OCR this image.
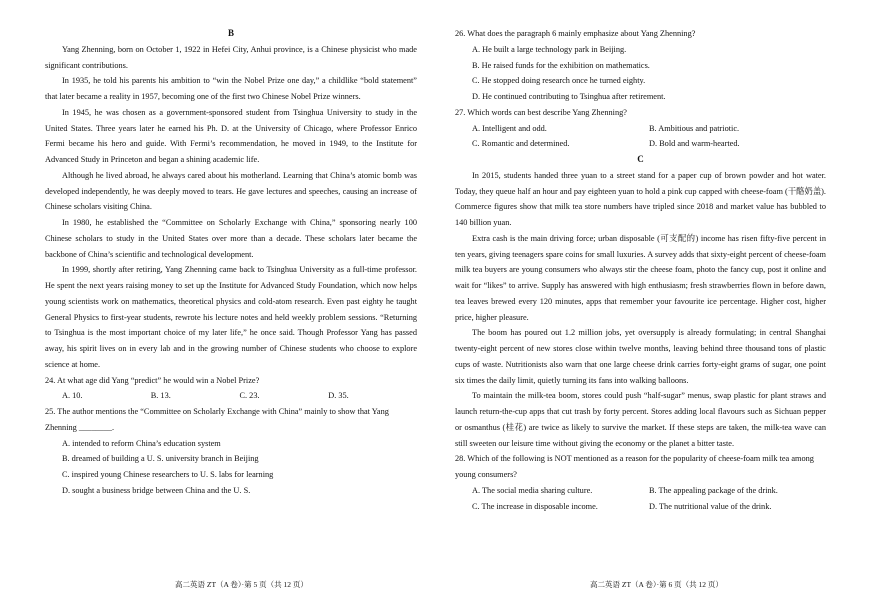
B

Yang Zhenning, born on October 1, 1922 in Hefei City, Anhui province, is a Chinese physicist who made significant contributions.

In 1935, he told his parents his ambition to “win the Nobel Prize one day,” a childlike “bold statement” that later became a reality in 1957, becoming one of the first two Chinese Nobel Prize winners.

In 1945, he was chosen as a government-sponsored student from Tsinghua University to study in the United States. Three years later he earned his Ph. D. at the University of Chicago, where Professor Enrico Fermi became his hero and guide. With Fermi’s recommendation, he moved in 1949, to the Institute for Advanced Study in Princeton and began a shining academic life.

Although he lived abroad, he always cared about his motherland. Learning that China’s atomic bomb was developed independently, he was deeply moved to tears. He gave lectures and speeches, causing an increase of Chinese scholars visiting China.

In 1980, he established the “Committee on Scholarly Exchange with China,” sponsoring nearly 100 Chinese scholars to study in the United States over more than a decade. These scholars later became the backbone of China’s scientific and technological development.

In 1999, shortly after retiring, Yang Zhenning came back to Tsinghua University as a full-time professor. He spent the next years raising money to set up the Institute for Advanced Study Foundation, which now helps young scientists work on mathematics, theoretical physics and cold-atom research. Even past eighty he taught General Physics to first-year students, rewrote his lecture notes and held weekly problem sessions. “Returning to Tsinghua is the most important choice of my later life,” he once said. Though Professor Yang has passed away, his spirit lives on in every lab and in the growing number of Chinese students who choose to explore science at home.

24. At what age did Yang “predict” he would win a Nobel Prize?

A. 10.	B. 13.	C. 23.	D. 35.

25. The author mentions the “Committee on Scholarly Exchange with China” mainly to show that Yang Zhenning ________.

A. intended to reform China’s education system

B. dreamed of building a U. S. university branch in Beijing

C. inspired young Chinese researchers to U. S. labs for learning

D. sought a business bridge between China and the U. S.

26. What does the paragraph 6 mainly emphasize about Yang Zhenning?

A. He built a large technology park in Beijing.

B. He raised funds for the exhibition on mathematics.

C. He stopped doing research once he turned eighty.

D. He continued contributing to Tsinghua after retirement.

27. Which words can best describe Yang Zhenning?

A. Intelligent and odd.	B. Ambitious and patriotic.
C. Romantic and determined.	D. Bold and warm-hearted.

C

In 2015, students handed three yuan to a street stand for a paper cup of brown powder and hot water. Today, they queue half an hour and pay eighteen yuan to hold a pink cup capped with cheese-foam (干酪奶盖). Commerce figures show that milk tea store numbers have tripled since 2018 and market value has bubbled to 140 billion yuan.

Extra cash is the main driving force; urban disposable (可支配的) income has risen fifty-five percent in ten years, giving teenagers spare coins for small luxuries. A survey adds that sixty-eight percent of cheese-foam milk tea buyers are young consumers who always stir the cheese foam, photo the fancy cup, post it online and wait for “likes” to arrive. Supply has answered with high enthusiasm; fresh strawberries flown in before dawn, tea leaves brewed every 120 minutes, apps that remember your favourite ice percentage. Higher cost, higher price, higher pleasure.

The boom has poured out 1.2 million jobs, yet oversupply is already formulating; in central Shanghai twenty-eight percent of new stores close within twelve months, leaving behind three thousand tons of plastic cups of waste. Nutritionists also warn that one large cheese drink carries forty-eight grams of sugar, one point six times the daily limit, quietly turning its fans into walking balloons.

To maintain the milk-tea boom, stores could push “half-sugar” menus, swap plastic for plant straws and launch return-the-cup apps that cut trash by forty percent. Stores adding local flavours such as Sichuan pepper or osmanthus (桂花) are twice as likely to survive the market. If these steps are taken, the milk-tea wave can still sweeten our leisure time without giving the economy or the planet a bitter taste.

28. Which of the following is NOT mentioned as a reason for the popularity of cheese-foam milk tea among young consumers?

A. The social media sharing culture.	B. The appealing package of the drink.
C. The increase in disposable income.	D. The nutritional value of the drink.
高二英语 ZT（A 卷）·第 5 页（共 12 页）	高二英语 ZT（A 卷）·第 6 页（共 12 页）
